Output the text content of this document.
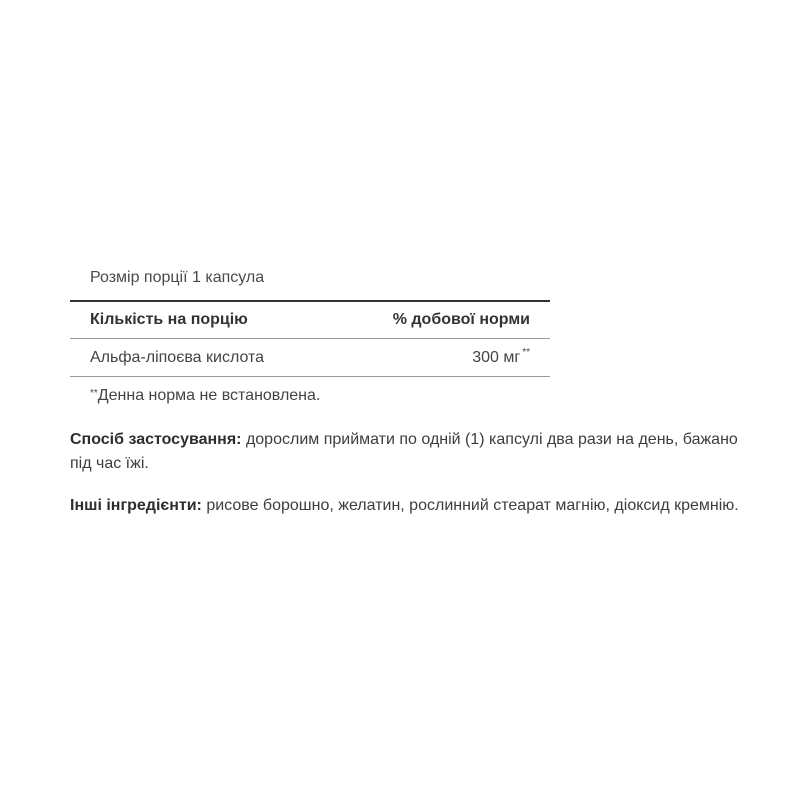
Розмір порції 1 капсула
Кількість на порцію	% добової норми
Альфа-ліпоєва кислота	300 мг **
**Денна норма не встановлена.
Спосіб застосування: дорослим приймати по одній (1) капсулі два рази на день, бажано під час їжі.
Інші інгредієнти: рисове борошно, желатин, рослинний стеарат магнію, діоксид кремнію.
